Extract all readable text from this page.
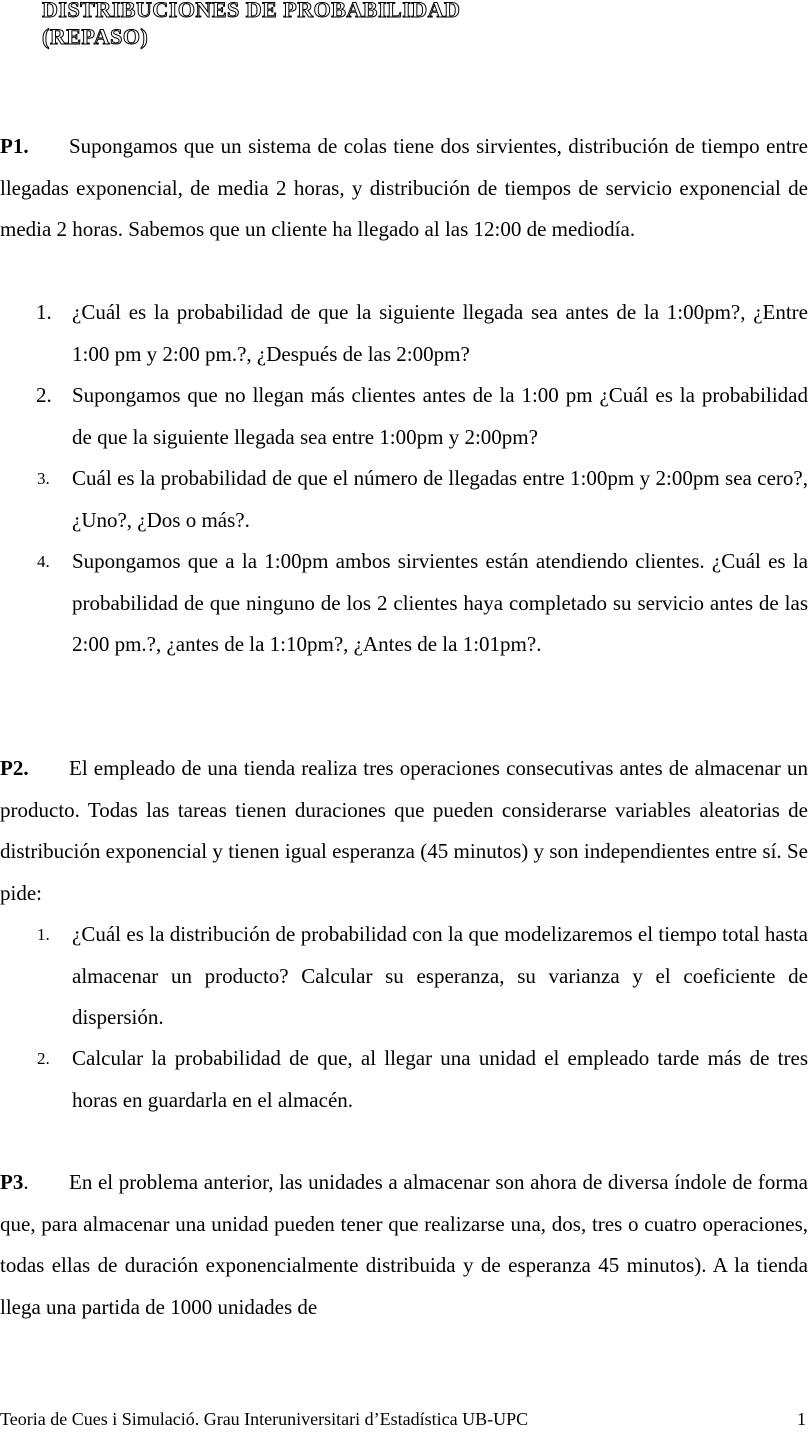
DISTRIBUCIONES DE PROBABILIDAD
(REPASO)

P1. Supongamos que un sistema de colas tiene dos sirvientes, distribución de tiempo entre llegadas exponencial, de media 2 horas, y distribución de tiempos de servicio exponencial de media 2 horas. Sabemos que un cliente ha llegado al las 12:00 de mediodía.

1. ¿Cuál es la probabilidad de que la siguiente llegada sea antes de la 1:00pm?, ¿Entre 1:00 pm y 2:00 pm.?, ¿Después de las 2:00pm?
2. Supongamos que no llegan más clientes antes de la 1:00 pm ¿Cuál es la probabilidad de que la siguiente llegada sea entre 1:00pm y 2:00pm?
3.	Cuál es la probabilidad de que el número de llegadas entre 1:00pm y 2:00pm sea cero?, ¿Uno?, ¿Dos o más?.
4.	Supongamos que a la 1:00pm ambos sirvientes están atendiendo clientes. ¿Cuál es la probabilidad de que ninguno de los 2 clientes haya completado su servicio antes de las 2:00 pm.?, ¿antes de la 1:10pm?, ¿Antes de la 1:01pm?.

P2. El empleado de una tienda realiza tres operaciones consecutivas antes de almacenar un producto. Todas las tareas tienen duraciones que pueden considerarse variables aleatorias de distribución exponencial y tienen igual esperanza (45 minutos) y son independientes entre sí. Se pide:

1.	¿Cuál es la distribución de probabilidad con la que modelizaremos el tiempo total hasta almacenar un producto? Calcular su esperanza, su varianza y el coeficiente de dispersión.
2.	Calcular la probabilidad de que, al llegar una unidad el empleado tarde más de tres horas en guardarla en el almacén.

P3. En el problema anterior, las unidades a almacenar son ahora de diversa índole de forma que, para almacenar una unidad pueden tener que realizarse una, dos, tres o cuatro operaciones, todas ellas de duración exponencialmente distribuida y de esperanza 45 minutos). A la tienda llega una partida de 1000 unidades de

Teoria de Cues i Simulació. Grau Interuniversitari d’Estadística UB-UPC	1
